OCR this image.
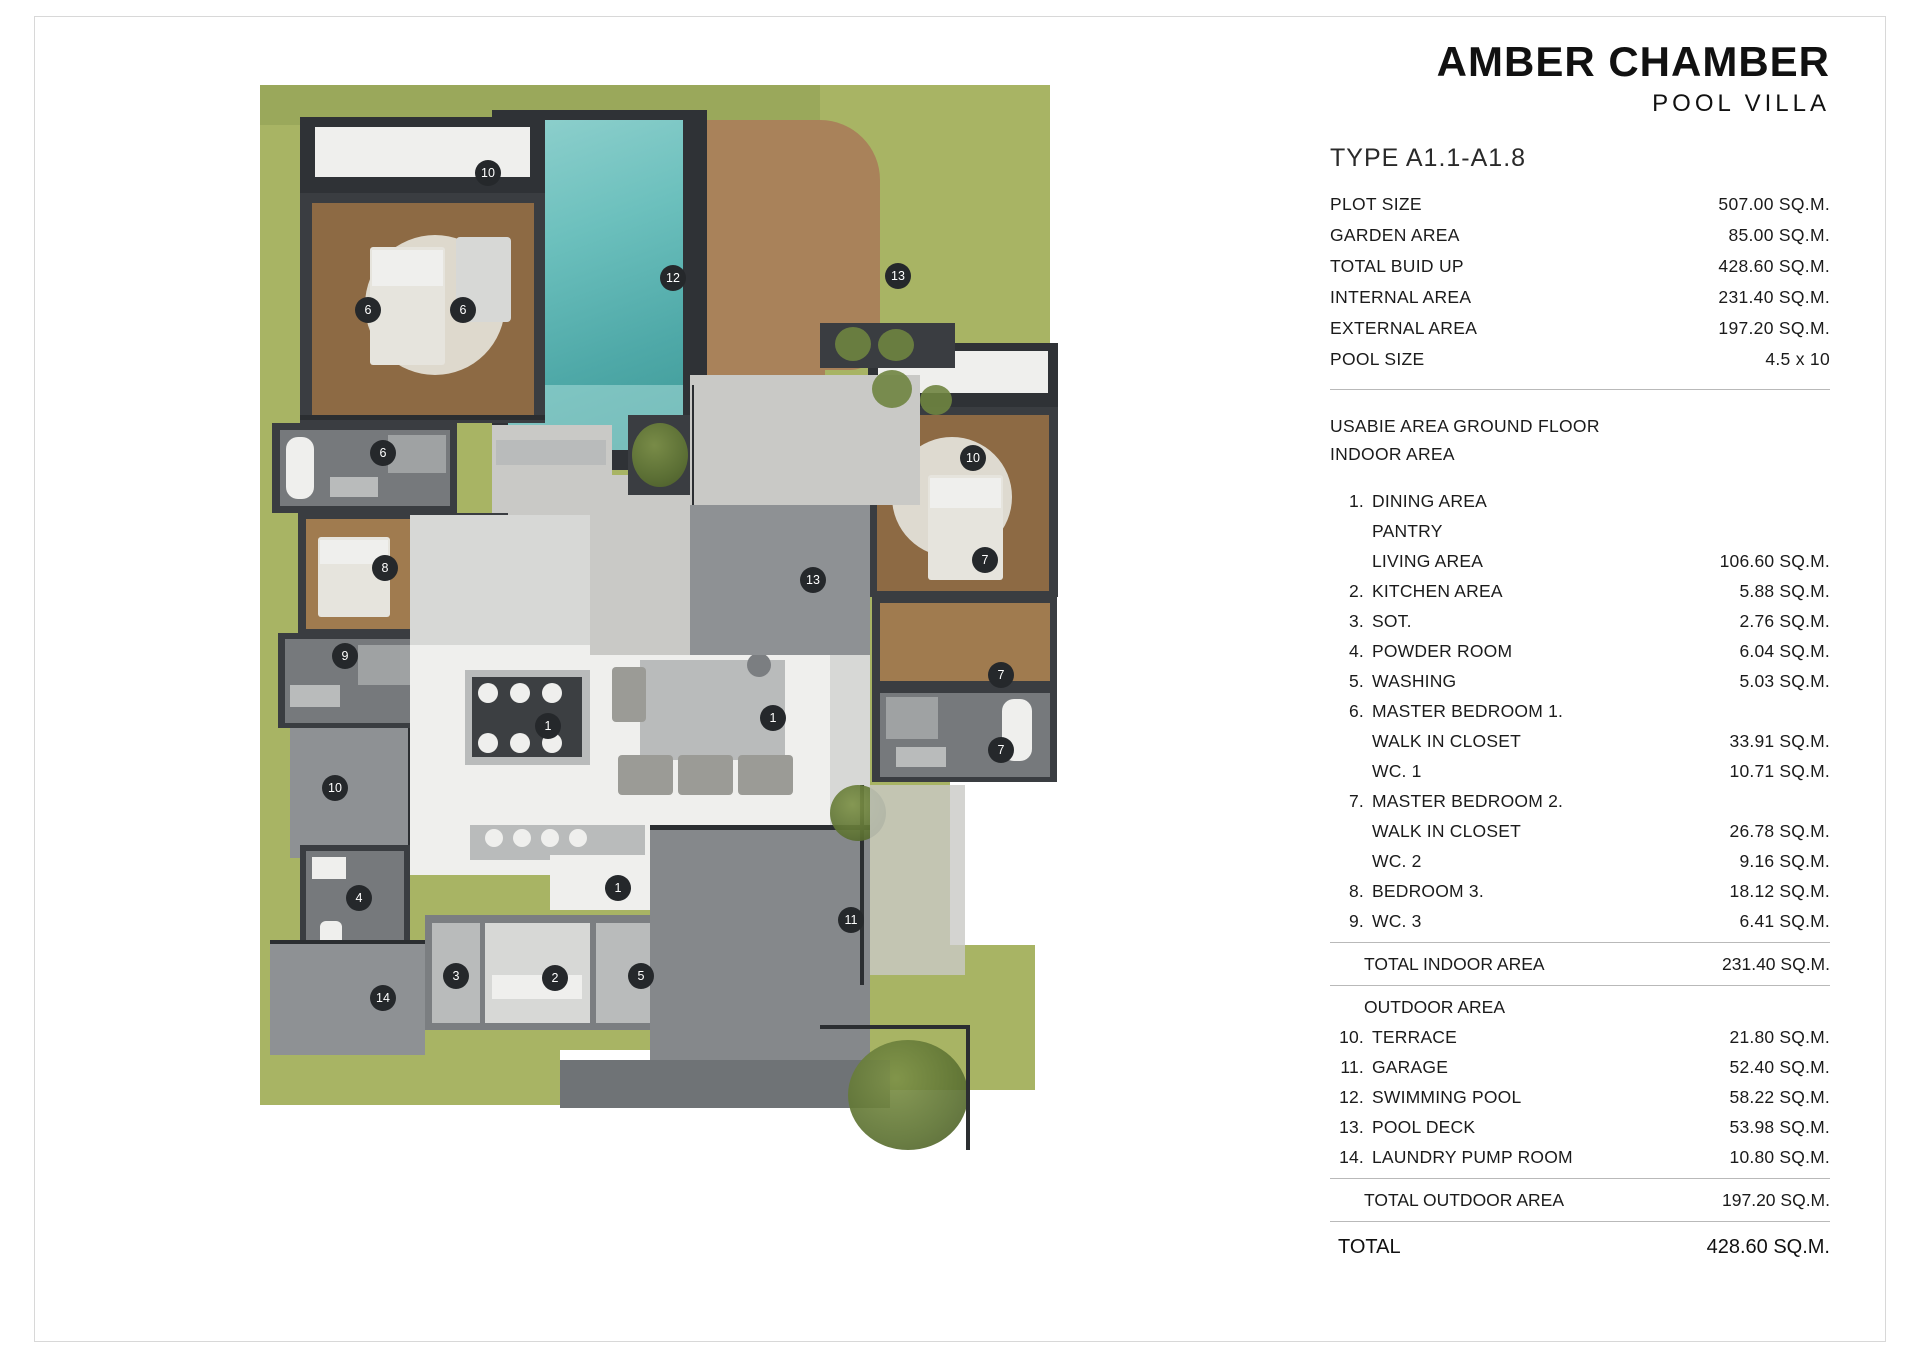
10
6	6
12	13
6
8
9
10
10
7
13
7
7
1
1
4
1
11
3	2	5
14
AMBER CHAMBER
POOL VILLA
TYPE A1.1-A1.8
PLOT SIZE	507.00 SQ.M.
GARDEN AREA	85.00 SQ.M.
TOTAL BUID UP	428.60 SQ.M.
INTERNAL AREA	231.40 SQ.M.
EXTERNAL AREA	197.20 SQ.M.
POOL SIZE	4.5 x 10
USABIE AREA GROUND FLOOR
INDOOR AREA
1. DINING AREA
PANTRY
LIVING AREA	106.60 SQ.M.
2. KITCHEN AREA	5.88 SQ.M.
3. SOT.	2.76 SQ.M.
4. POWDER ROOM	6.04 SQ.M.
5. WASHING	5.03 SQ.M.
6. MASTER BEDROOM 1.
WALK IN CLOSET	33.91 SQ.M.
WC. 1	10.71 SQ.M.
7. MASTER BEDROOM 2.
WALK IN CLOSET	26.78 SQ.M.
WC. 2	9.16 SQ.M.
8. BEDROOM 3.	18.12 SQ.M.
9. WC. 3	6.41 SQ.M.
TOTAL INDOOR AREA	231.40 SQ.M.
OUTDOOR AREA
10. TERRACE	21.80 SQ.M.
11. GARAGE	52.40 SQ.M.
12. SWIMMING POOL	58.22 SQ.M.
13. POOL DECK	53.98 SQ.M.
14. LAUNDRY PUMP ROOM	10.80 SQ.M.
TOTAL OUTDOOR AREA	197.20 SQ.M.
TOTAL	428.60 SQ.M.
